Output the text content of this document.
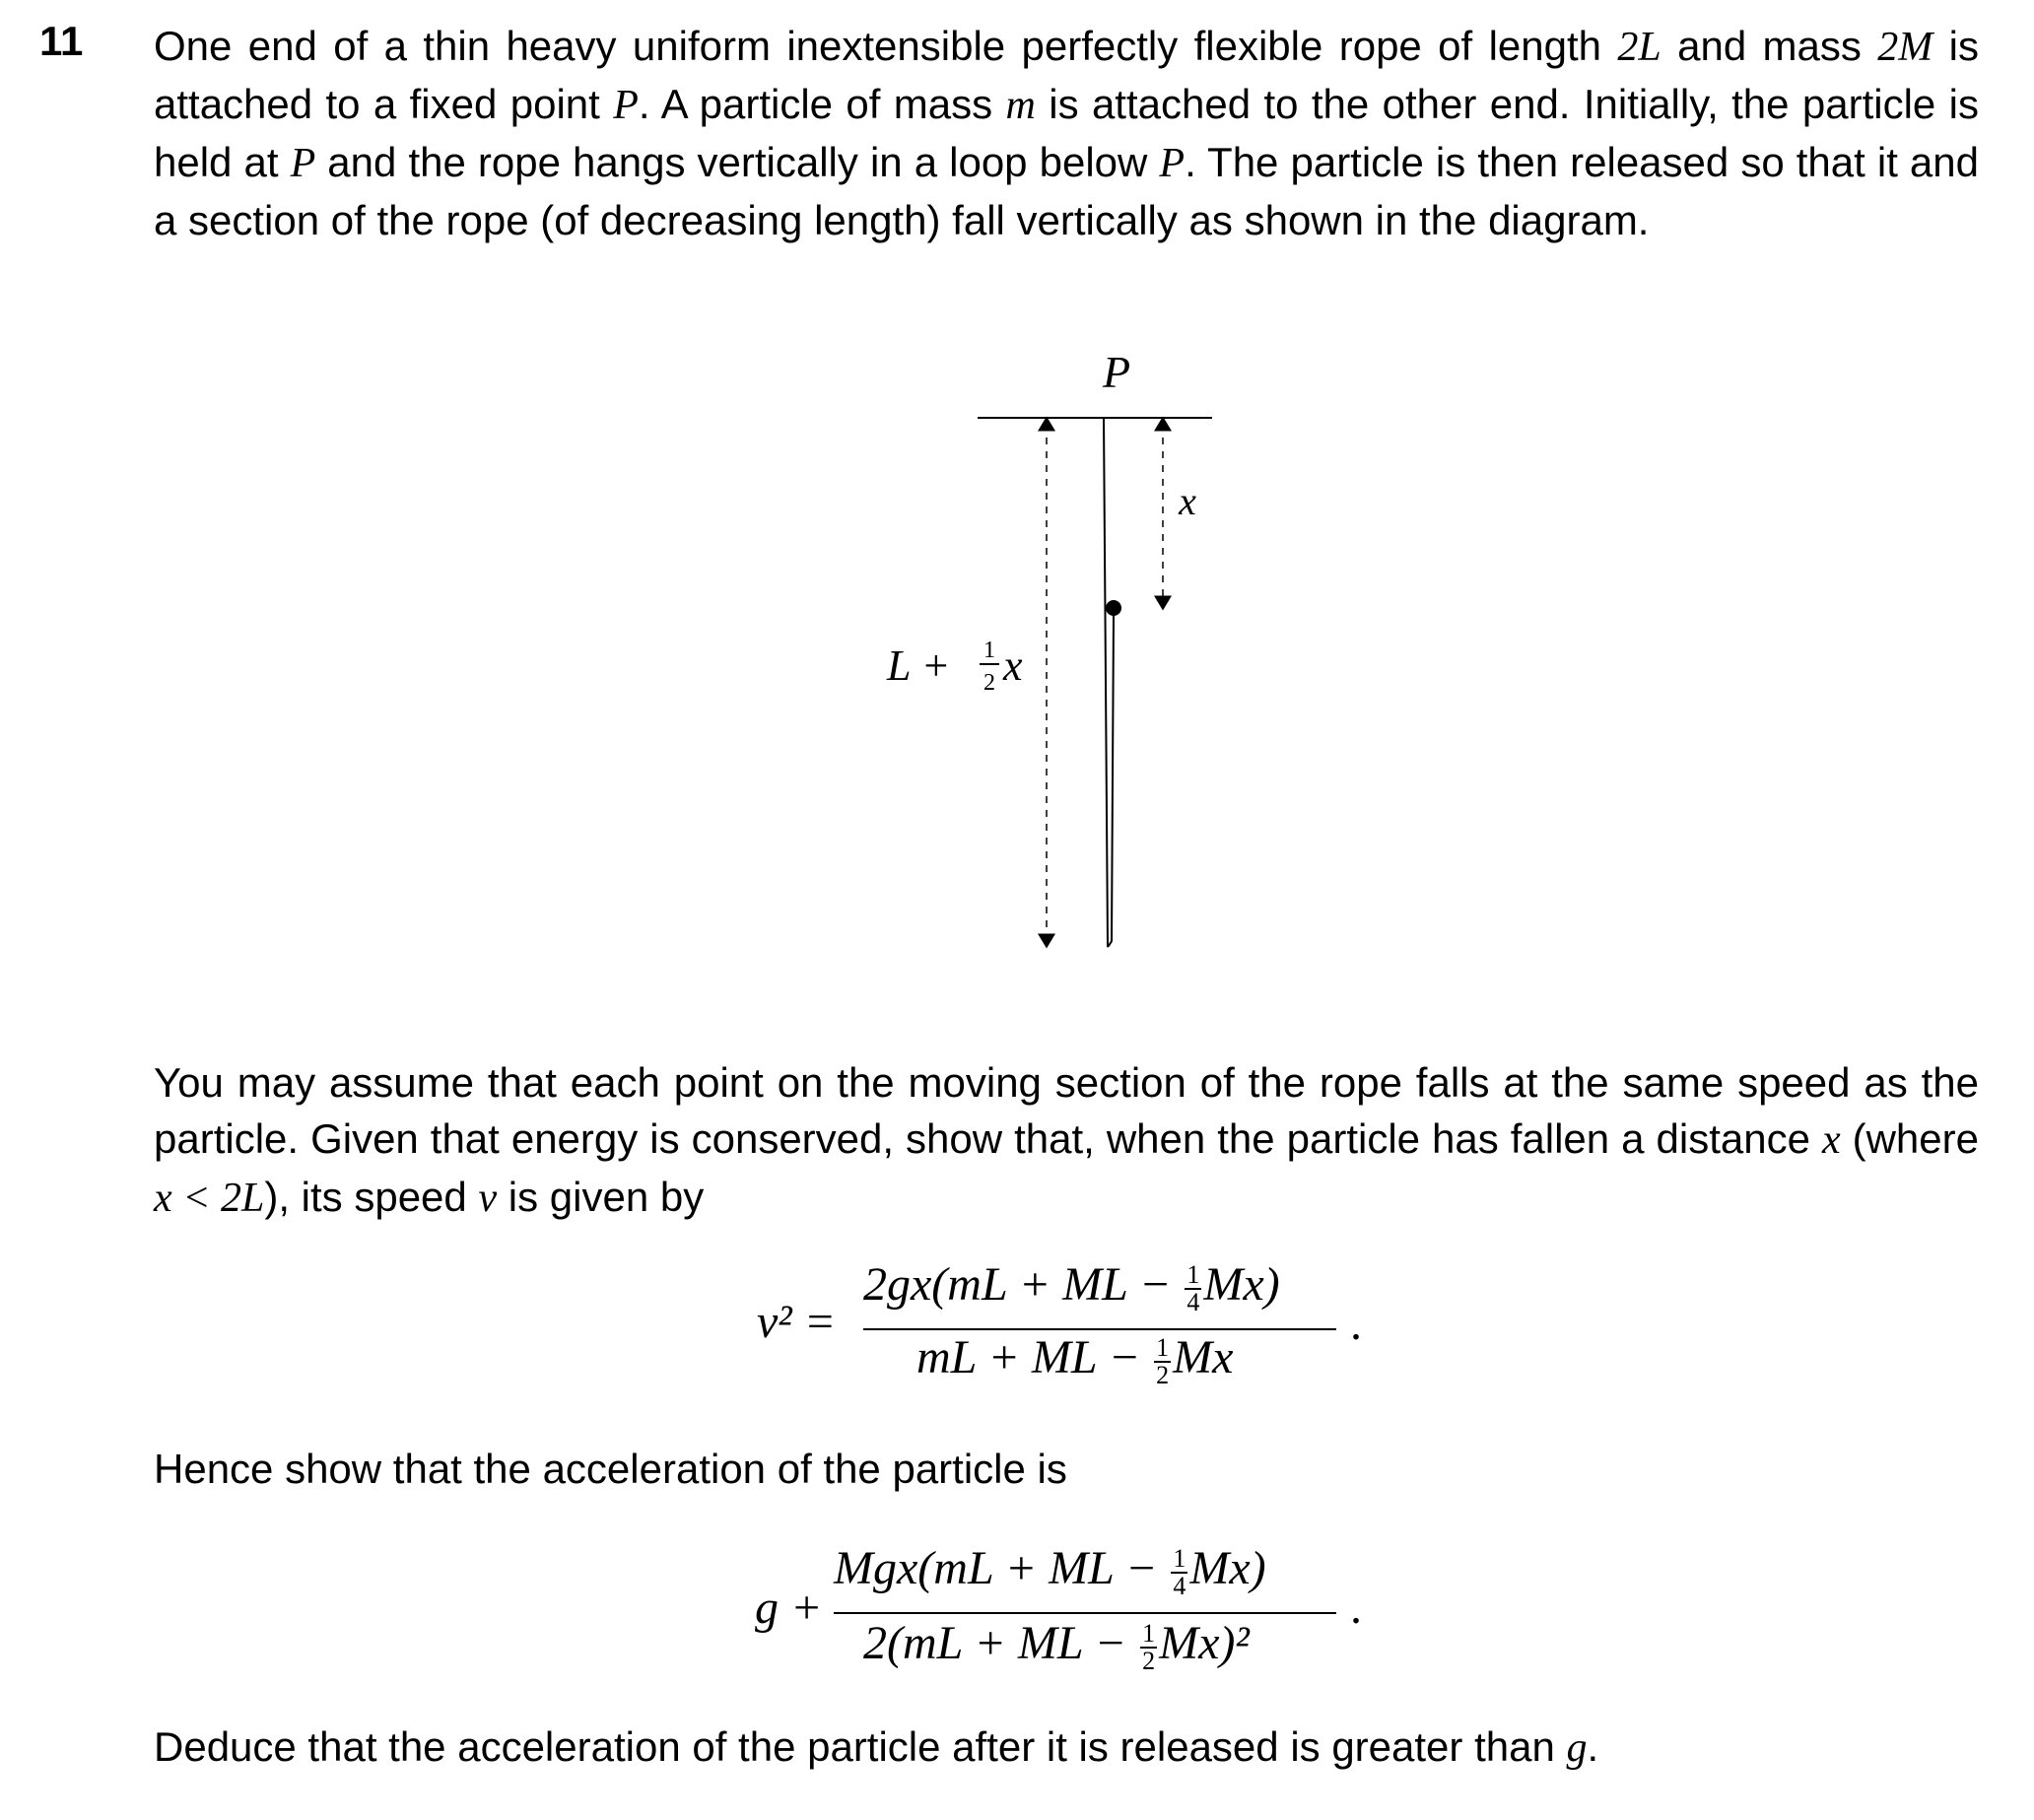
11 One end of a thin heavy uniform inextensible perfectly flexible rope of length 2L and mass 2M is attached to a fixed point P. A particle of mass m is attached to the other end. Initially, the particle is held at P and the rope hangs vertically in a loop below P. The particle is then released so that it and a section of the rope (of decreasing length) fall vertically as shown in the diagram.
P
x
L + 1
2 x
You may assume that each point on the moving section of the rope falls at the same speed as the particle. Given that energy is conserved, show that, when the particle has fallen a distance x (where x < 2L), its speed v is given by
v² =
2gx(mL + ML − $\frac{1}{4} Mx$)
mL + ML − $\frac{1}{2}$ Mx
.
Hence show that the acceleration of the particle is
g +
Mgx(mL + ML − $\frac{1}{4} Mx$)
2(mL + ML − $\frac{1}{2} Mx)^2$
.
Deduce that the acceleration of the particle after it is released is greater than g.
